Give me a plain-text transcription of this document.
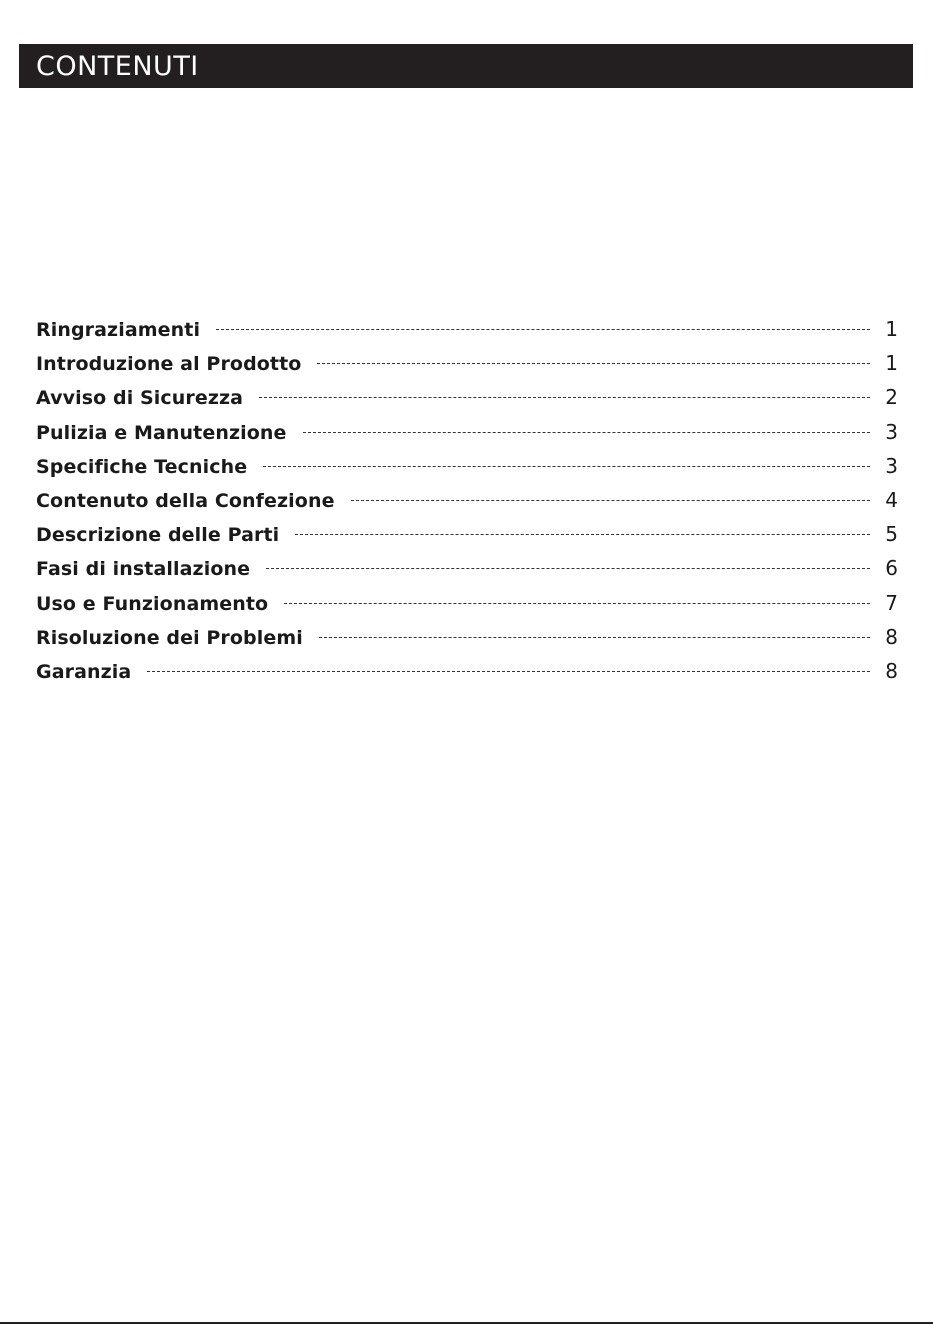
CONTENUTI
Ringraziamenti	1
Introduzione al Prodotto	1
Avviso di Sicurezza	2
Pulizia e Manutenzione	3
Specifiche Tecniche	3
Contenuto della Confezione	4
Descrizione delle Parti	5
Fasi di installazione	6
Uso e Funzionamento	7
Risoluzione dei Problemi	8
Garanzia	8
